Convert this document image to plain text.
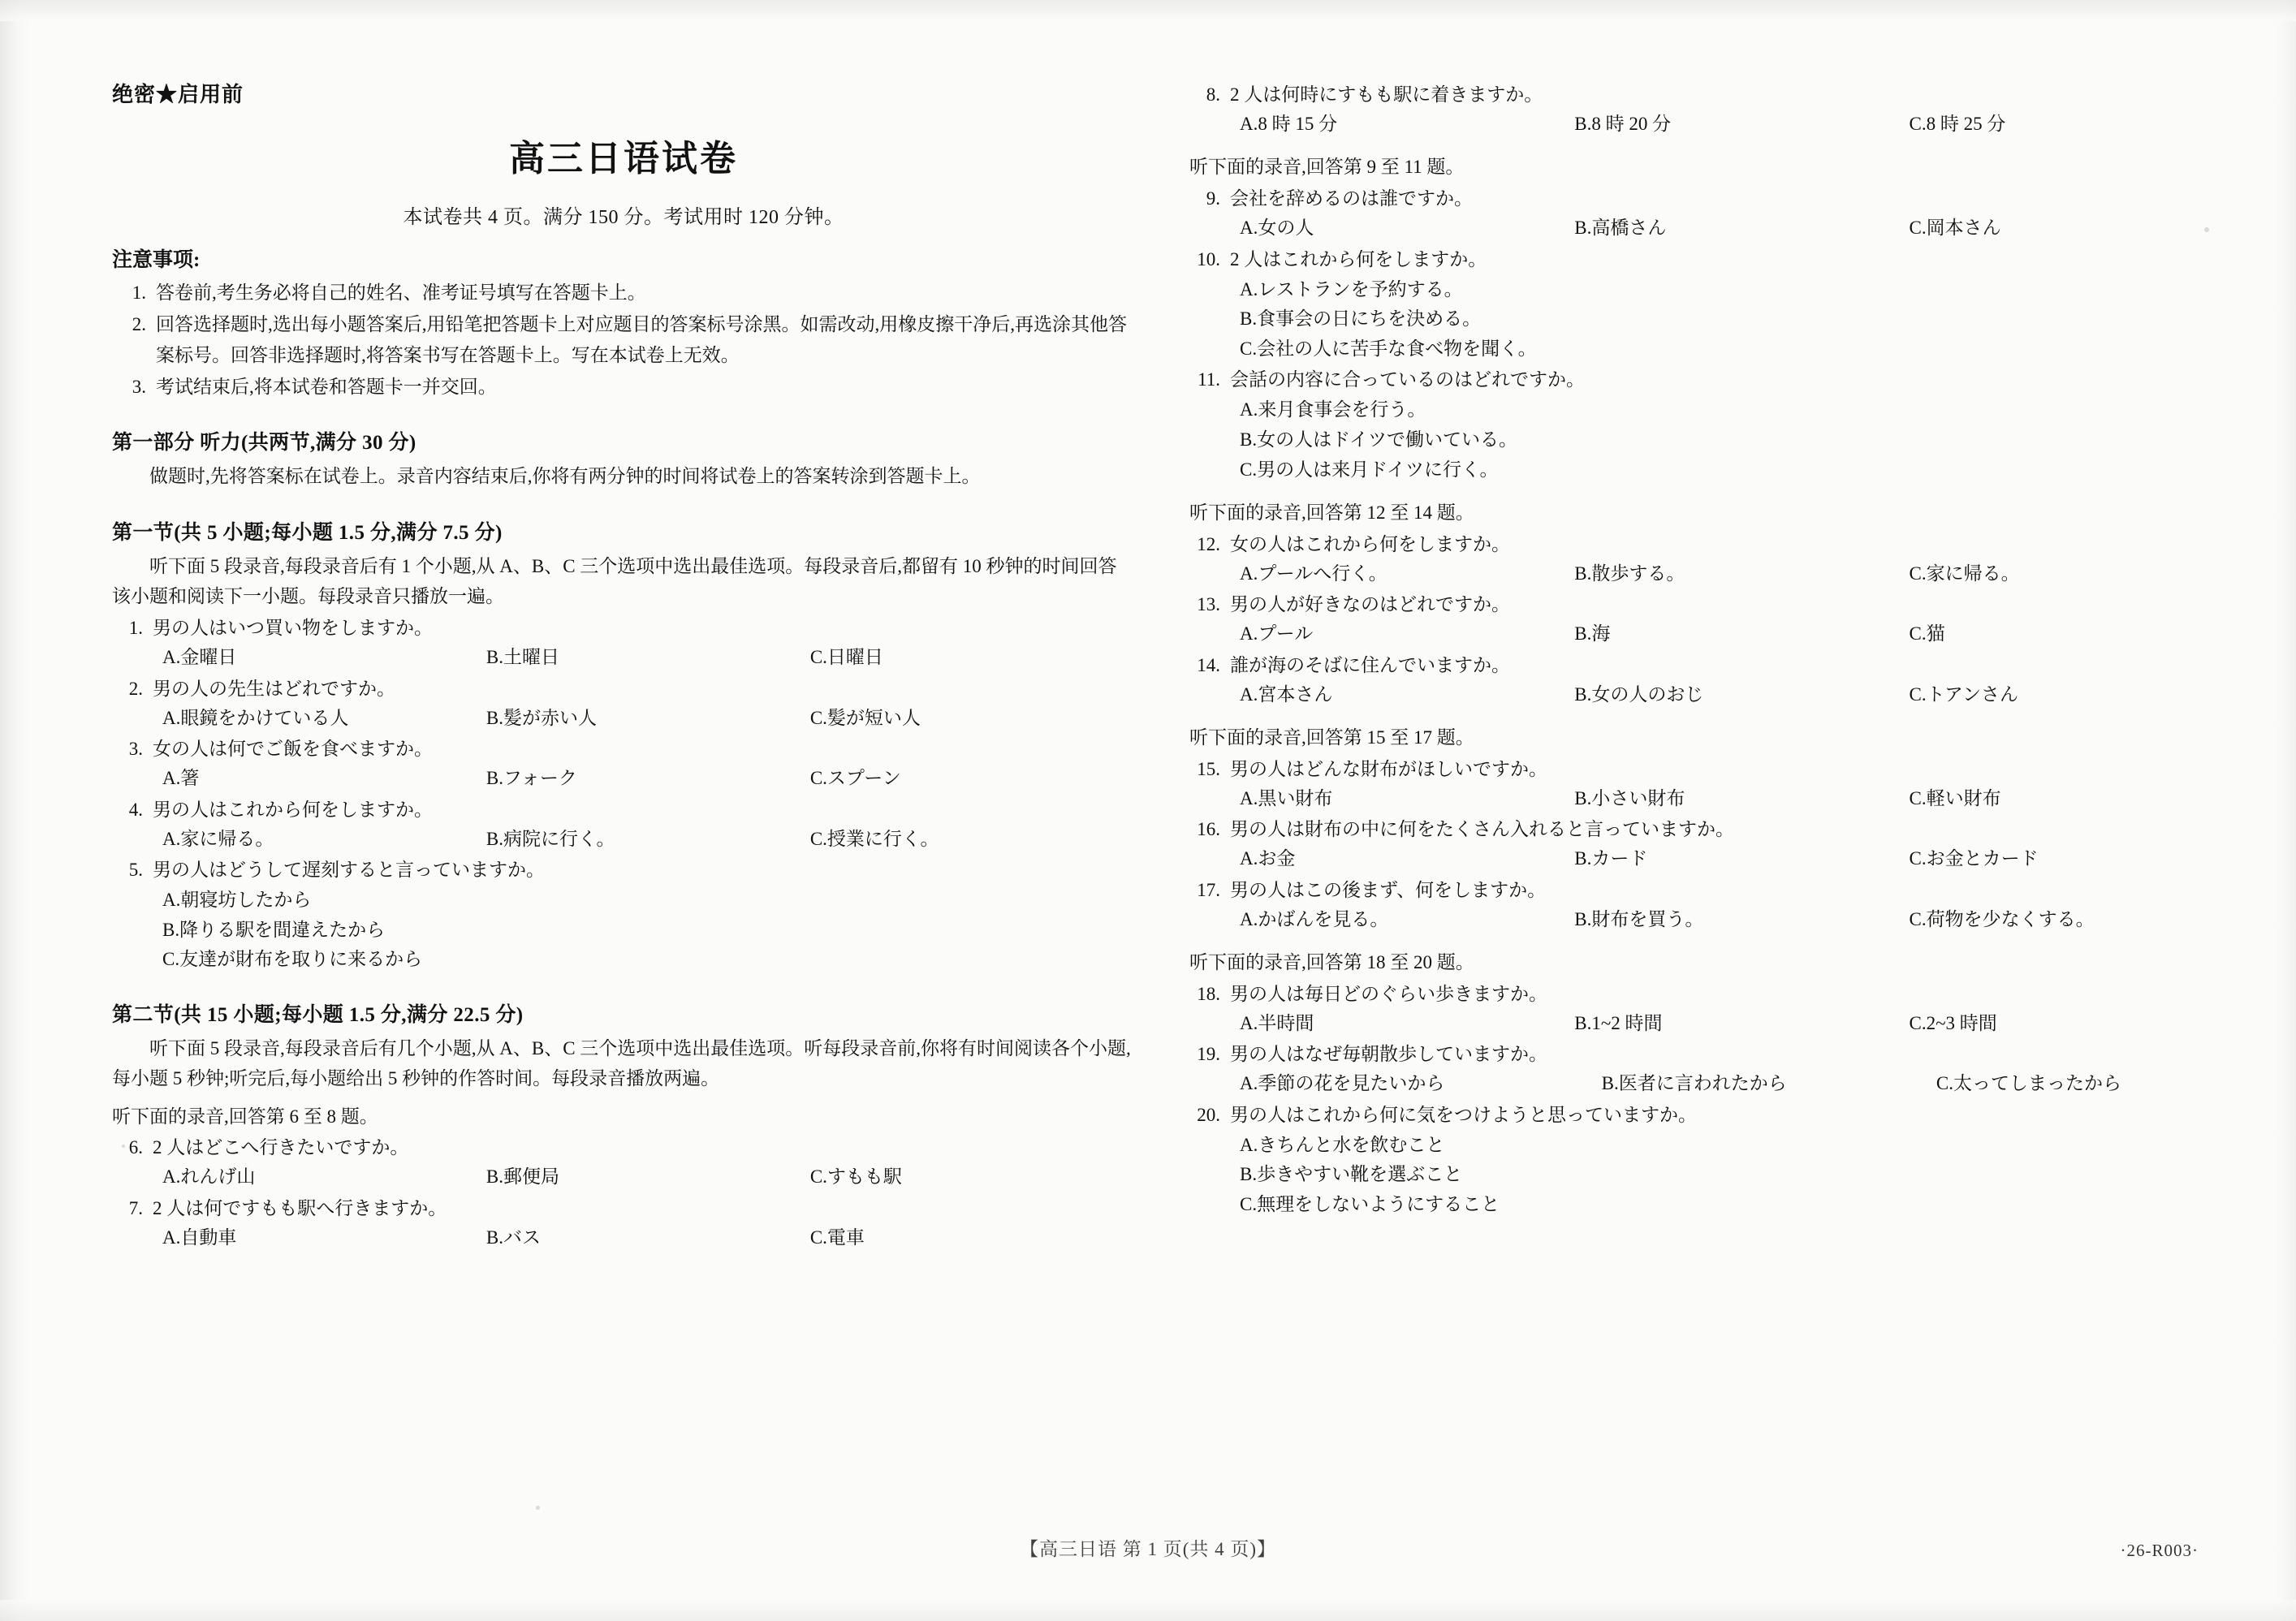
绝密★启用前
高三日语试卷
本试卷共 4 页。满分 150 分。考试用时 120 分钟。
注意事项:
1. 答卷前,考生务必将自己的姓名、准考证号填写在答题卡上。
2. 回答选择题时,选出每小题答案后,用铅笔把答题卡上对应题目的答案标号涂黑。如需改动,用橡皮擦干净后,再选涂其他答案标号。回答非选择题时,将答案书写在答题卡上。写在本试卷上无效。
3. 考试结束后,将本试卷和答题卡一并交回。
第一部分 听力(共两节,满分 30 分)
做题时,先将答案标在试卷上。录音内容结束后,你将有两分钟的时间将试卷上的答案转涂到答题卡上。
第一节(共 5 小题;每小题 1.5 分,满分 7.5 分)
听下面 5 段录音,每段录音后有 1 个小题,从 A、B、C 三个选项中选出最佳选项。每段录音后,都留有 10 秒钟的时间回答该小题和阅读下一小题。每段录音只播放一遍。
1. 男の人はいつ買い物をしますか。
A.金曜日	B.土曜日	C.日曜日
2. 男の人の先生はどれですか。
A.眼鏡をかけている人	B.髪が赤い人	C.髪が短い人
3. 女の人は何でご飯を食べますか。
A.箸	B.フォーク	C.スプーン
4. 男の人はこれから何をしますか。
A.家に帰る。	B.病院に行く。	C.授業に行く。
5. 男の人はどうして遅刻すると言っていますか。
A.朝寝坊したから
B.降りる駅を間違えたから
C.友達が財布を取りに来るから
第二节(共 15 小题;每小题 1.5 分,满分 22.5 分)
听下面 5 段录音,每段录音后有几个小题,从 A、B、C 三个选项中选出最佳选项。听每段录音前,你将有时间阅读各个小题,每小题 5 秒钟;听完后,每小题给出 5 秒钟的作答时间。每段录音播放两遍。
听下面的录音,回答第 6 至 8 题。
6. 2 人はどこへ行きたいですか。
A.れんげ山	B.郵便局	C.すもも駅
7. 2 人は何ですもも駅へ行きますか。
A.自動車	B.バス	C.電車
8. 2 人は何時にすもも駅に着きますか。
A.8 時 15 分	B.8 時 20 分	C.8 時 25 分
听下面的录音,回答第 9 至 11 题。
9. 会社を辞めるのは誰ですか。
A.女の人	B.高橋さん	C.岡本さん
10. 2 人はこれから何をしますか。
A.レストランを予約する。
B.食事会の日にちを決める。
C.会社の人に苦手な食べ物を聞く。
11. 会話の内容に合っているのはどれですか。
A.来月食事会を行う。
B.女の人はドイツで働いている。
C.男の人は来月ドイツに行く。
听下面的录音,回答第 12 至 14 题。
12. 女の人はこれから何をしますか。
A.プールへ行く。	B.散歩する。	C.家に帰る。
13. 男の人が好きなのはどれですか。
A.プール	B.海	C.猫
14. 誰が海のそばに住んでいますか。
A.宮本さん	B.女の人のおじ	C.トアンさん
听下面的录音,回答第 15 至 17 题。
15. 男の人はどんな財布がほしいですか。
A.黒い財布	B.小さい財布	C.軽い財布
16. 男の人は財布の中に何をたくさん入れると言っていますか。
A.お金	B.カード	C.お金とカード
17. 男の人はこの後まず、何をしますか。
A.かばんを見る。	B.財布を買う。	C.荷物を少なくする。
听下面的录音,回答第 18 至 20 题。
18. 男の人は毎日どのぐらい歩きますか。
A.半時間	B.1~2 時間	C.2~3 時間
19. 男の人はなぜ毎朝散歩していますか。
A.季節の花を見たいから	B.医者に言われたから	C.太ってしまったから
20. 男の人はこれから何に気をつけようと思っていますか。
A.きちんと水を飲むこと
B.歩きやすい靴を選ぶこと
C.無理をしないようにすること
【高三日语 第 1 页(共 4 页)】	·26-R003·
